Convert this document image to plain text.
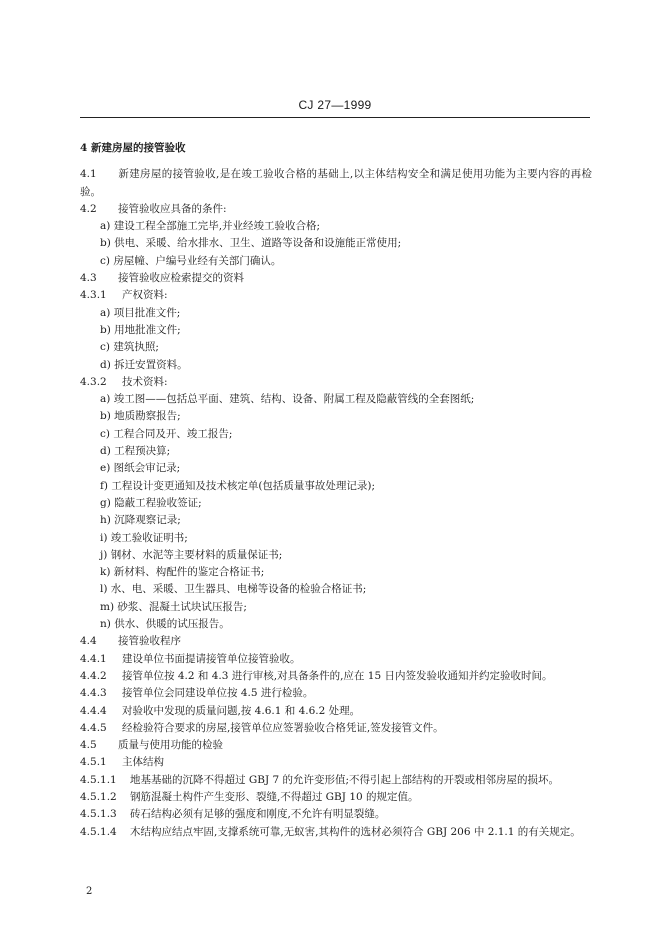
CJ 27—1999
4 新建房屋的接管验收
4.1 新建房屋的接管验收,是在竣工验收合格的基础上,以主体结构安全和满足使用功能为主要内容的再检验。
4.2 接管验收应具备的条件:
a) 建设工程全部施工完毕,并业经竣工验收合格;
b) 供电、采暖、给水排水、卫生、道路等设备和设施能正常使用;
c) 房屋幢、户编号业经有关部门确认。
4.3 接管验收应检索提交的资料
4.3.1 产权资料:
a) 项目批准文件;
b) 用地批准文件;
c) 建筑执照;
d) 拆迁安置资料。
4.3.2 技术资料:
a) 竣工图——包括总平面、建筑、结构、设备、附属工程及隐蔽管线的全套图纸;
b) 地质勘察报告;
c) 工程合同及开、竣工报告;
d) 工程预决算;
e) 图纸会审记录;
f) 工程设计变更通知及技术核定单(包括质量事故处理记录);
g) 隐蔽工程验收签证;
h) 沉降观察记录;
i) 竣工验收证明书;
j) 钢材、水泥等主要材料的质量保证书;
k) 新材料、构配件的鉴定合格证书;
l) 水、电、采暖、卫生器具、电梯等设备的检验合格证书;
m) 砂浆、混凝土试块试压报告;
n) 供水、供暖的试压报告。
4.4 接管验收程序
4.4.1 建设单位书面提请接管单位接管验收。
4.4.2 接管单位按 4.2 和 4.3 进行审核,对具备条件的,应在 15 日内签发验收通知并约定验收时间。
4.4.3 接管单位会同建设单位按 4.5 进行检验。
4.4.4 对验收中发现的质量问题,按 4.6.1 和 4.6.2 处理。
4.4.5 经检验符合要求的房屋,接管单位应签署验收合格凭证,签发接管文件。
4.5 质量与使用功能的检验
4.5.1 主体结构
4.5.1.1 地基基础的沉降不得超过 GBJ 7 的允许变形值;不得引起上部结构的开裂或相邻房屋的损坏。
4.5.1.2 钢筋混凝土构件产生变形、裂缝,不得超过 GBJ 10 的规定值。
4.5.1.3 砖石结构必须有足够的强度和刚度,不允许有明显裂缝。
4.5.1.4 木结构应结点牢固,支撑系统可靠,无蚁害,其构件的选材必须符合 GBJ 206 中 2.1.1 的有关规定。
2
